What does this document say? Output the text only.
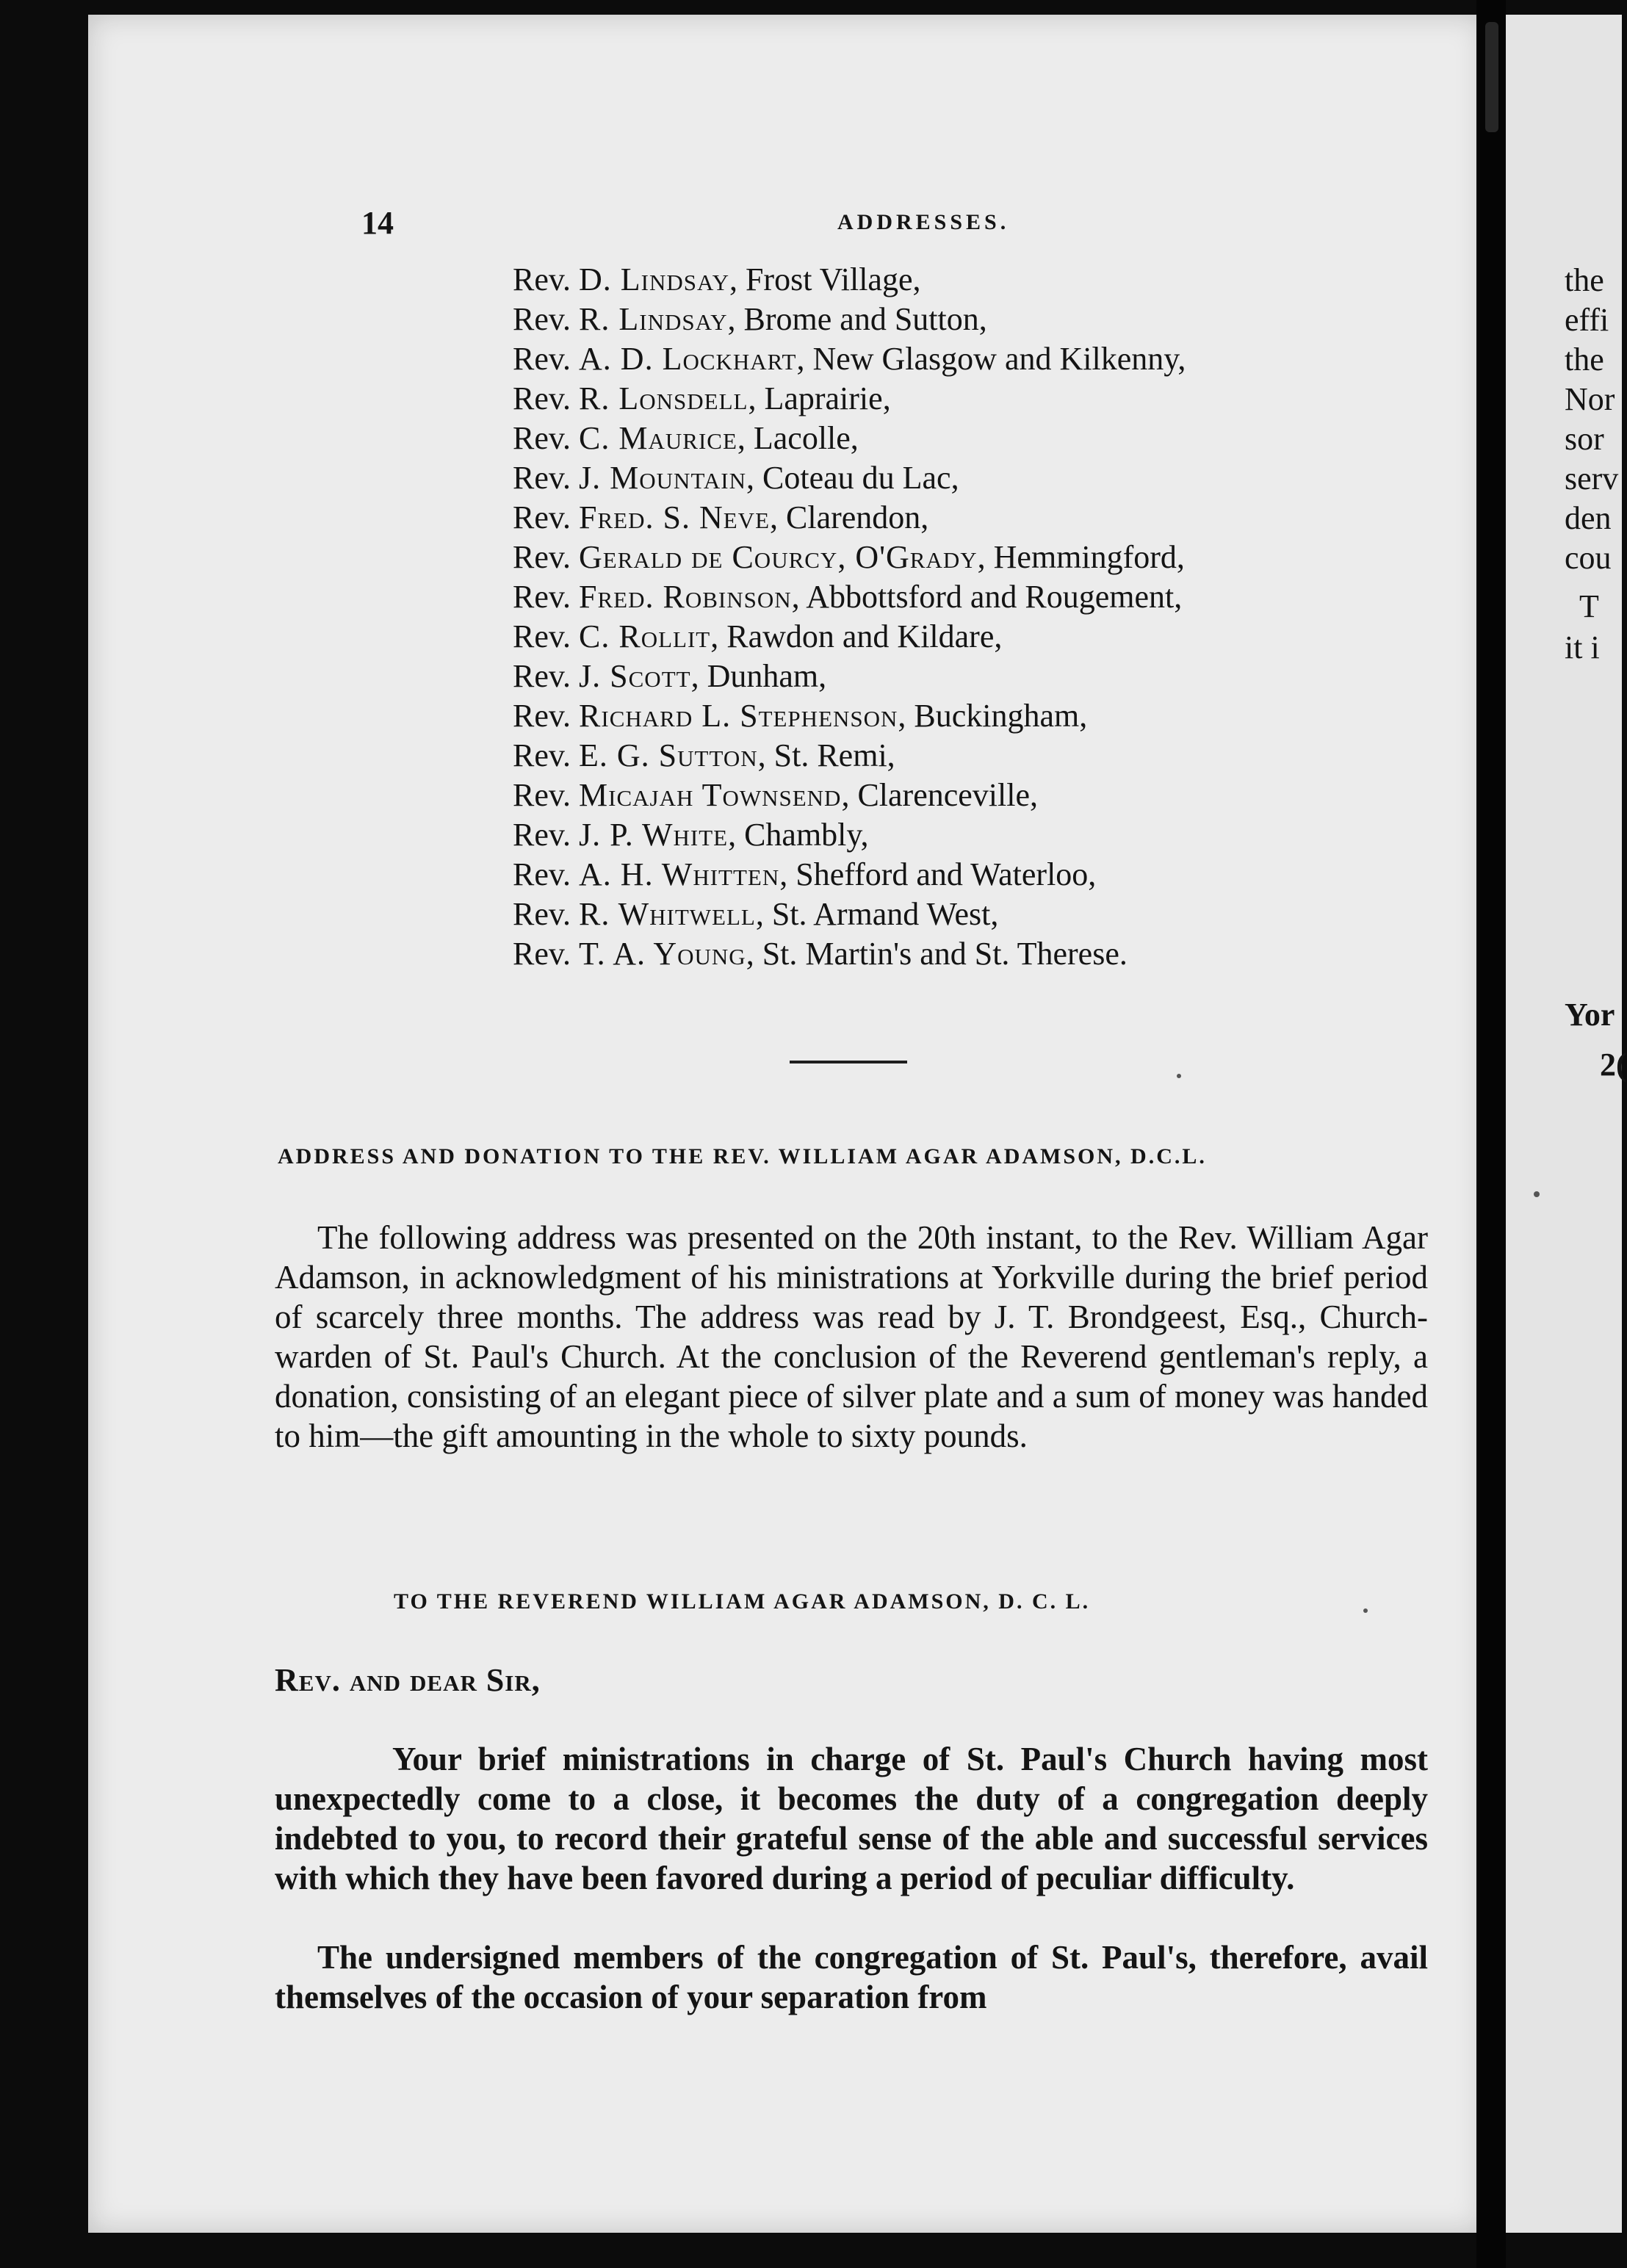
14	ADDRESSES.
Rev. D. Lindsay, Frost Village,
Rev. R. Lindsay, Brome and Sutton,
Rev. A. D. Lockhart, New Glasgow and Kilkenny,
Rev. R. Lonsdell, Laprairie,
Rev. C. Maurice, Lacolle,
Rev. J. Mountain, Coteau du Lac,
Rev. Fred. S. Neve, Clarendon,
Rev. Gerald de Courcy, O'Grady, Hemmingford,
Rev. Fred. Robinson, Abbottsford and Rougement,
Rev. C. Rollit, Rawdon and Kildare,
Rev. J. Scott, Dunham,
Rev. Richard L. Stephenson, Buckingham,
Rev. E. G. Sutton, St. Remi,
Rev. Micajah Townsend, Clarenceville,
Rev. J. P. White, Chambly,
Rev. A. H. Whitten, Shefford and Waterloo,
Rev. R. Whitwell, St. Armand West,
Rev. T. A. Young, St. Martin's and St. Therese.
ADDRESS AND DONATION TO THE REV. WILLIAM AGAR ADAMSON, D.C.L.

The following address was presented on the 20th instant, to the Rev. William Agar Adamson, in acknowledgment of his ministrations at Yorkville during the brief period of scarcely three months. The address was read by J. T. Brondgeest, Esq., Church-warden of St. Paul's Church. At the conclusion of the Reverend gentleman's reply, a donation, consisting of an elegant piece of silver plate and a sum of money was handed to him—the gift amounting in the whole to sixty pounds.

TO THE REVEREND WILLIAM AGAR ADAMSON, D. C. L.
Rev. and dear Sir,

Your brief ministrations in charge of St. Paul's Church having most unexpectedly come to a close, it becomes the duty of a congregation deeply indebted to you, to record their grateful sense of the able and successful services with which they have been favored during a period of peculiar difficulty.

The undersigned members of the congregation of St. Paul's, therefore, avail themselves of the occasion of your separation from

the
effi
the
Nor
sor
serv
den
cou
T
it i
Yor
2(
